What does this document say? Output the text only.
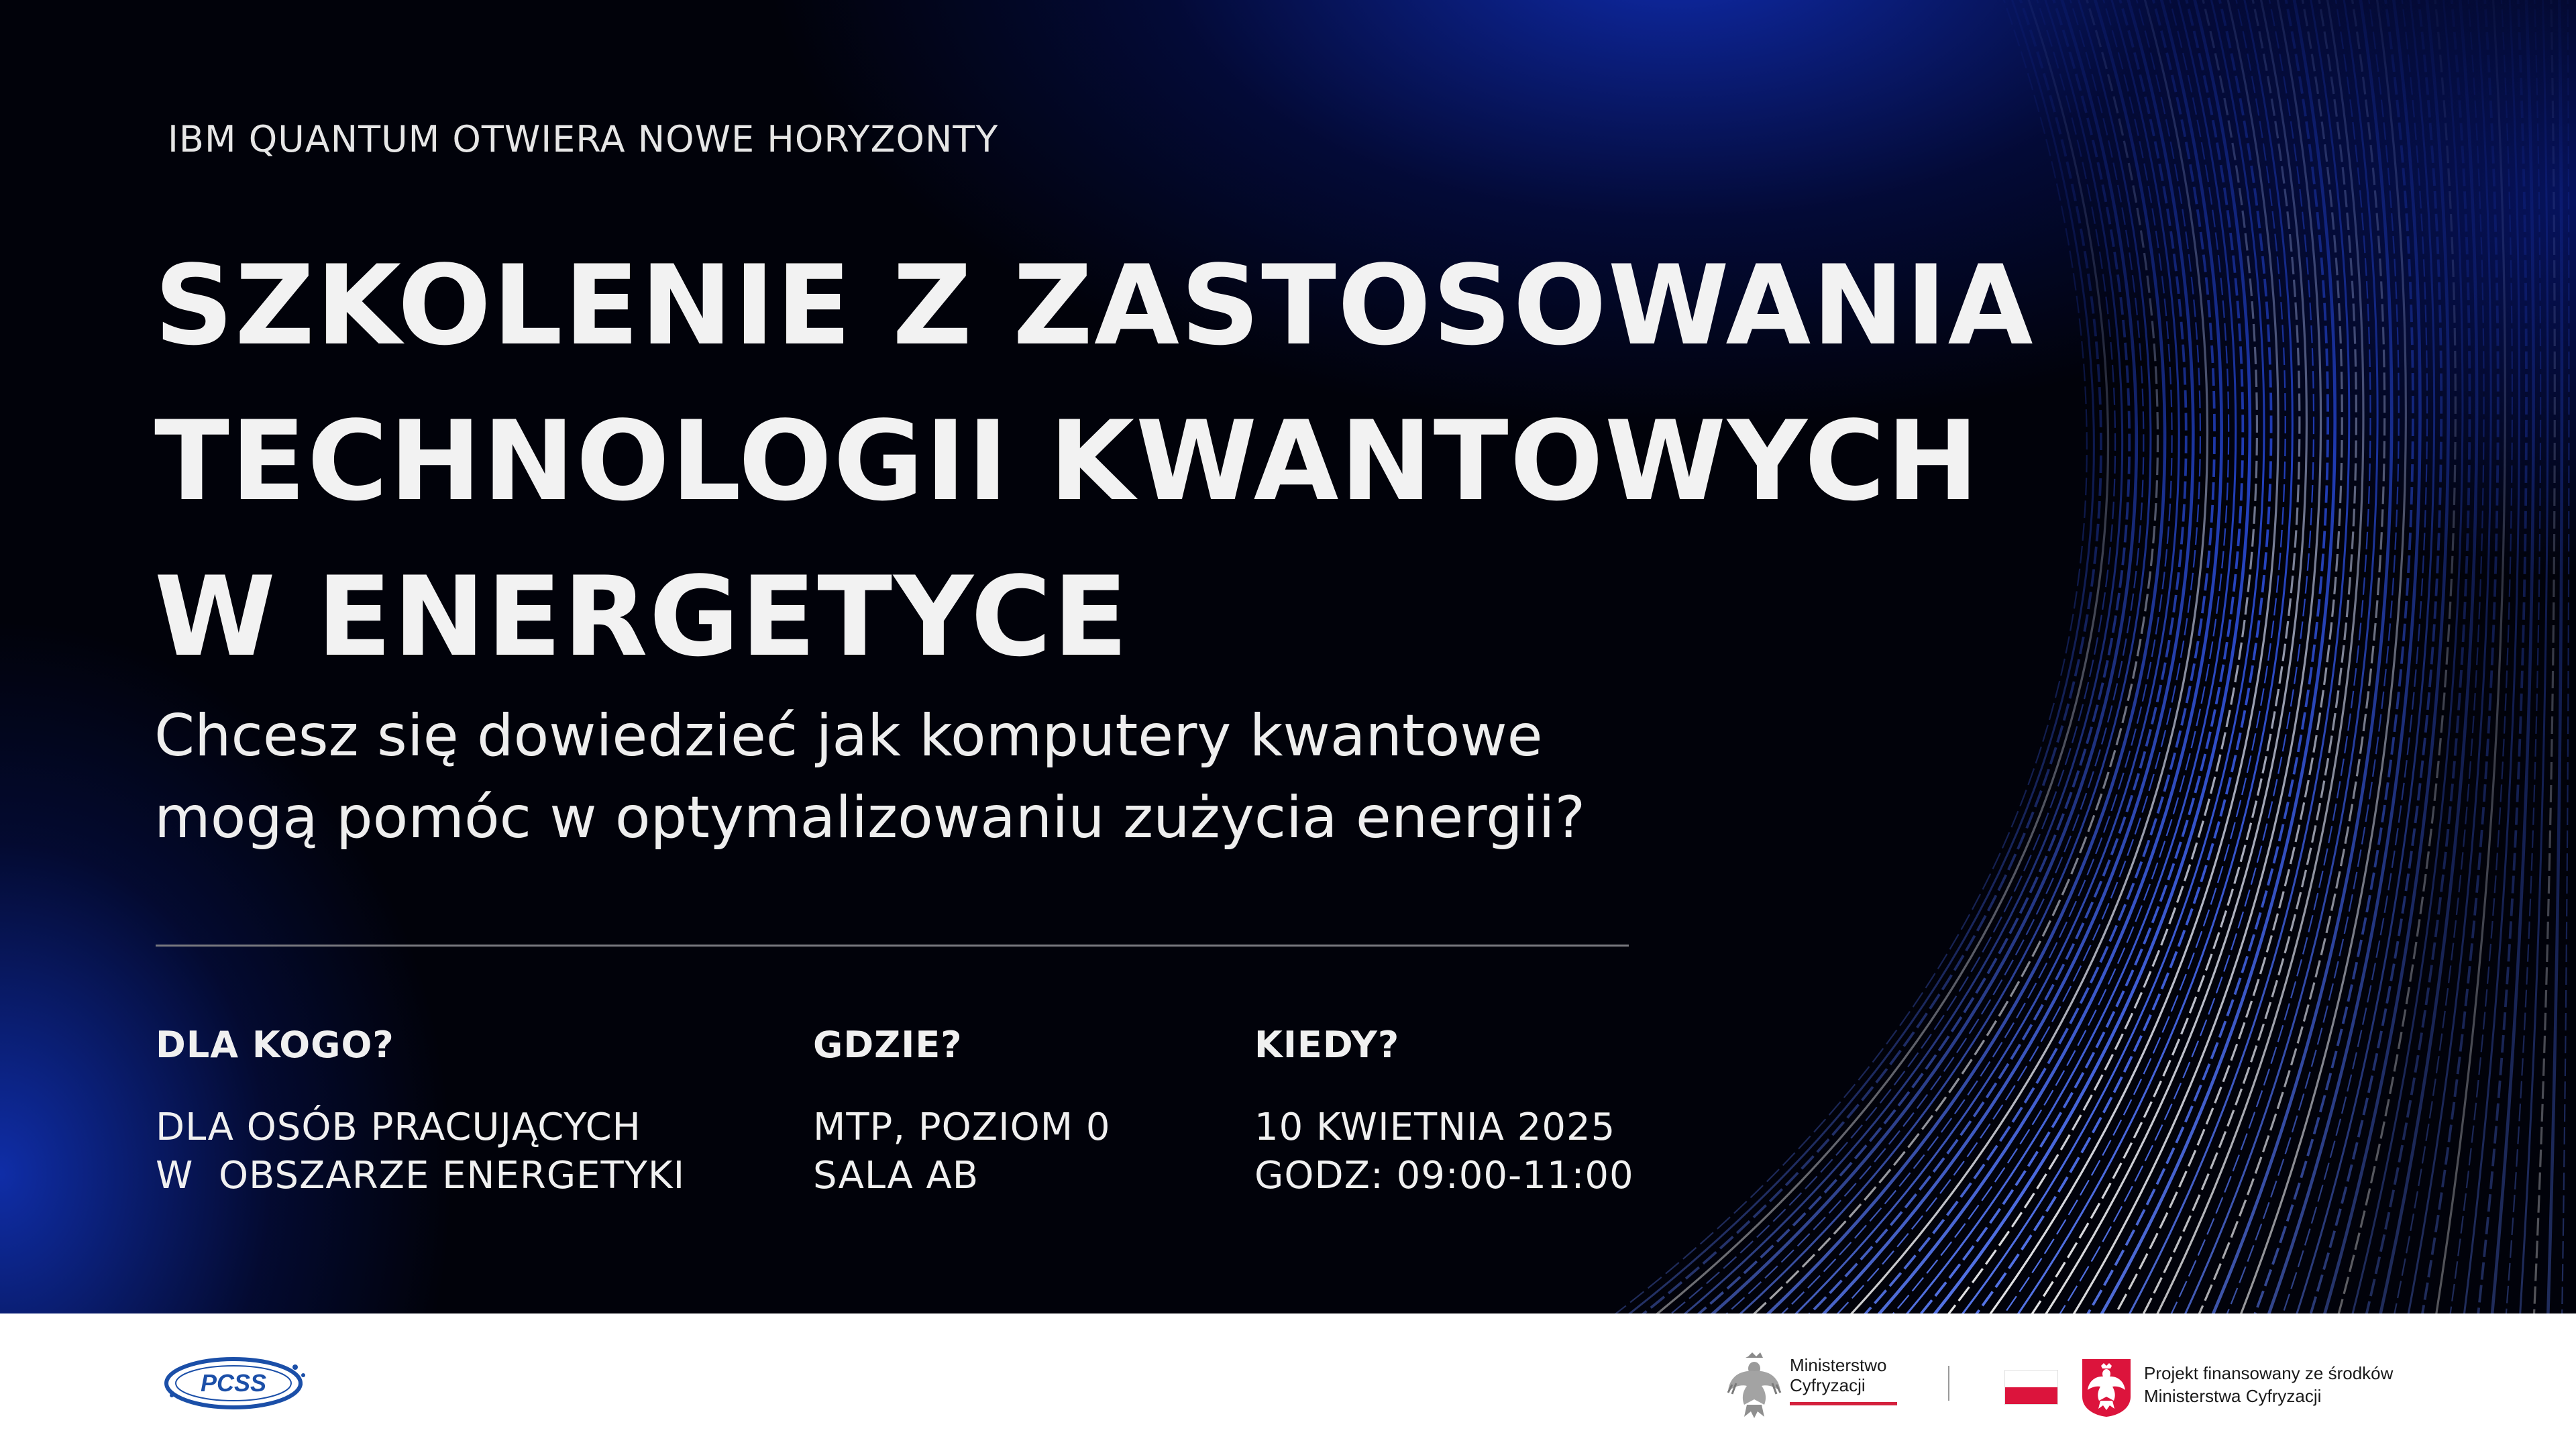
IBM QUANTUM OTWIERA NOWE HORYZONTY
SZKOLENIE Z ZASTOSOWANIA
TECHNOLOGII KWANTOWYCH
W ENERGETYCE
Chcesz się dowiedzieć jak komputery kwantowe
mogą pomóc w optymalizowaniu zużycia energii?
DLA KOGO?
DLA OSÓB PRACUJĄCYCH
W  OBSZARZE ENERGETYKI
GDZIE?
MTP, POZIOM 0
SALA AB
KIEDY?
10 KWIETNIA 2025
GODZ: 09:00-11:00
PCSS
Ministerstwo
Cyfryzacji
Projekt finansowany ze środków
Ministerstwa Cyfryzacji
